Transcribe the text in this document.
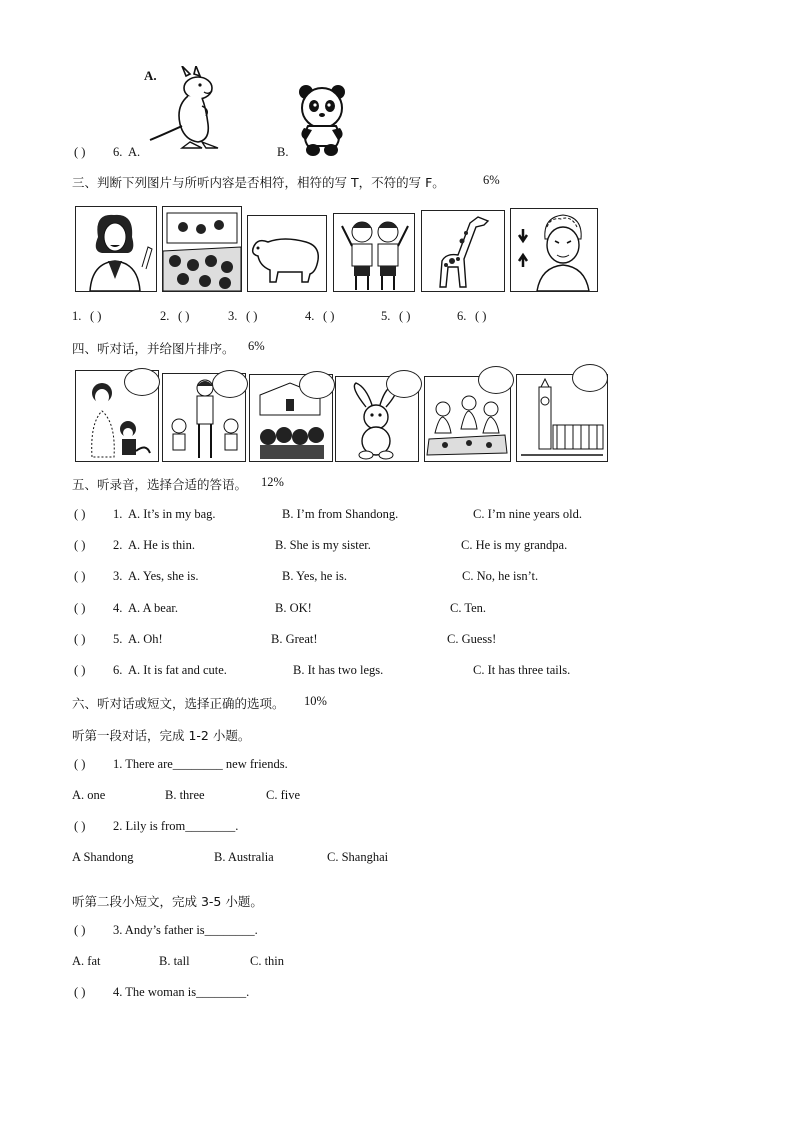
A.
( ) 6. A.	B.
三、判断下列图片与所听内容是否相符，相符的写 T，不符的写 F。	6%
1. ( )	2. ( )	3. ( )	4. ( )	5. ( )	6. ( )
四、听对话，并给图片排序。 6%
五、听录音，选择合适的答语。 12%
( ) 1. A. It’s in my bag.	B. I’m from Shandong.	C. I’m nine years old.
( ) 2. A. He is thin.	B. She is my sister.	C. He is my grandpa.
( ) 3. A. Yes, she is.	B. Yes, he is.	C. No, he isn’t.
( ) 4. A. A bear.	B. OK!	C. Ten.
( ) 5. A. Oh!	B. Great!	C. Guess!
( ) 6. A. It is fat and cute.	B. It has two legs.	C. It has three tails.
六、听对话或短文，选择正确的选项。 10%
听第一段对话，完成 1-2 小题。
( ) 1. There are________ new friends.
A. one	B. three	C. five
( ) 2. Lily is from________.
A Shandong	B. Australia	C. Shanghai
听第二段小短文，完成 3-5 小题。
( ) 3. Andy’s father is________.
A. fat	B. tall	C. thin
( ) 4. The woman is________.
